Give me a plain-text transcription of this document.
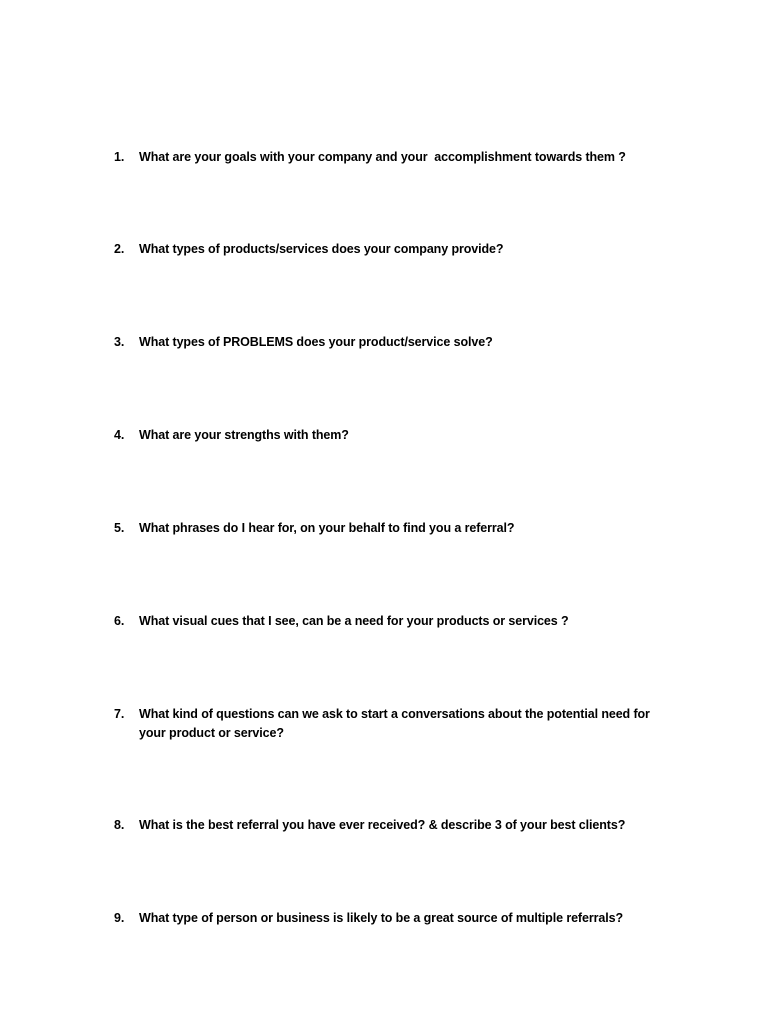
1.	What are your goals with your company and your  accomplishment towards them ?
2.	What types of products/services does your company provide?
3.	What types of PROBLEMS does your product/service solve?
4.	What are your strengths with them?
5.	What phrases do I hear for, on your behalf to find you a referral?
6.	What visual cues that I see, can be a need for your products or services ?
7.	What kind of questions can we ask to start a conversations about the potential need for your product or service?
8.	What is the best referral you have ever received? & describe 3 of your best clients?
9.	What type of person or business is likely to be a great source of multiple referrals?
